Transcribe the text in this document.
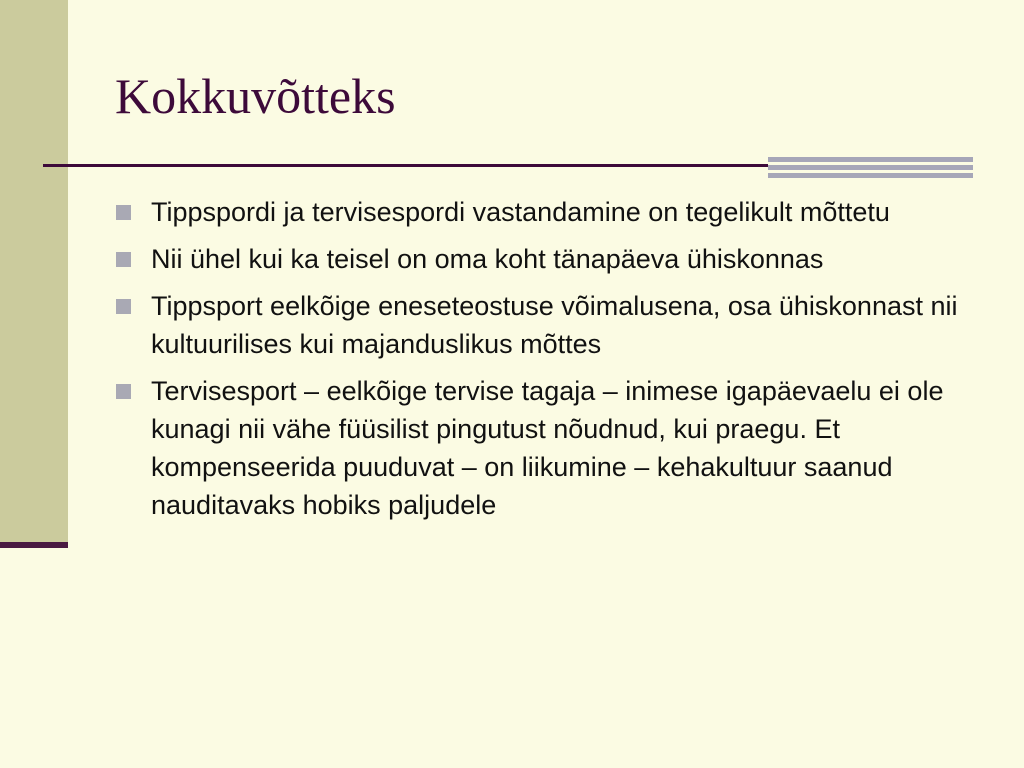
Kokkuvõtteks
Tippspordi ja tervisespordi vastandamine on tegelikult mõttetu
Nii ühel kui ka teisel on oma koht tänapäeva ühiskonnas
Tippsport eelkõige eneseteostuse võimalusena, osa ühiskonnast nii kultuurilises kui majanduslikus mõttes
Tervisesport – eelkõige tervise tagaja – inimese igapäevaelu ei ole kunagi nii vähe füüsilist pingutust nõudnud, kui praegu. Et kompenseerida puuduvat – on liikumine – kehakultuur saanud nauditavaks hobiks paljudele
